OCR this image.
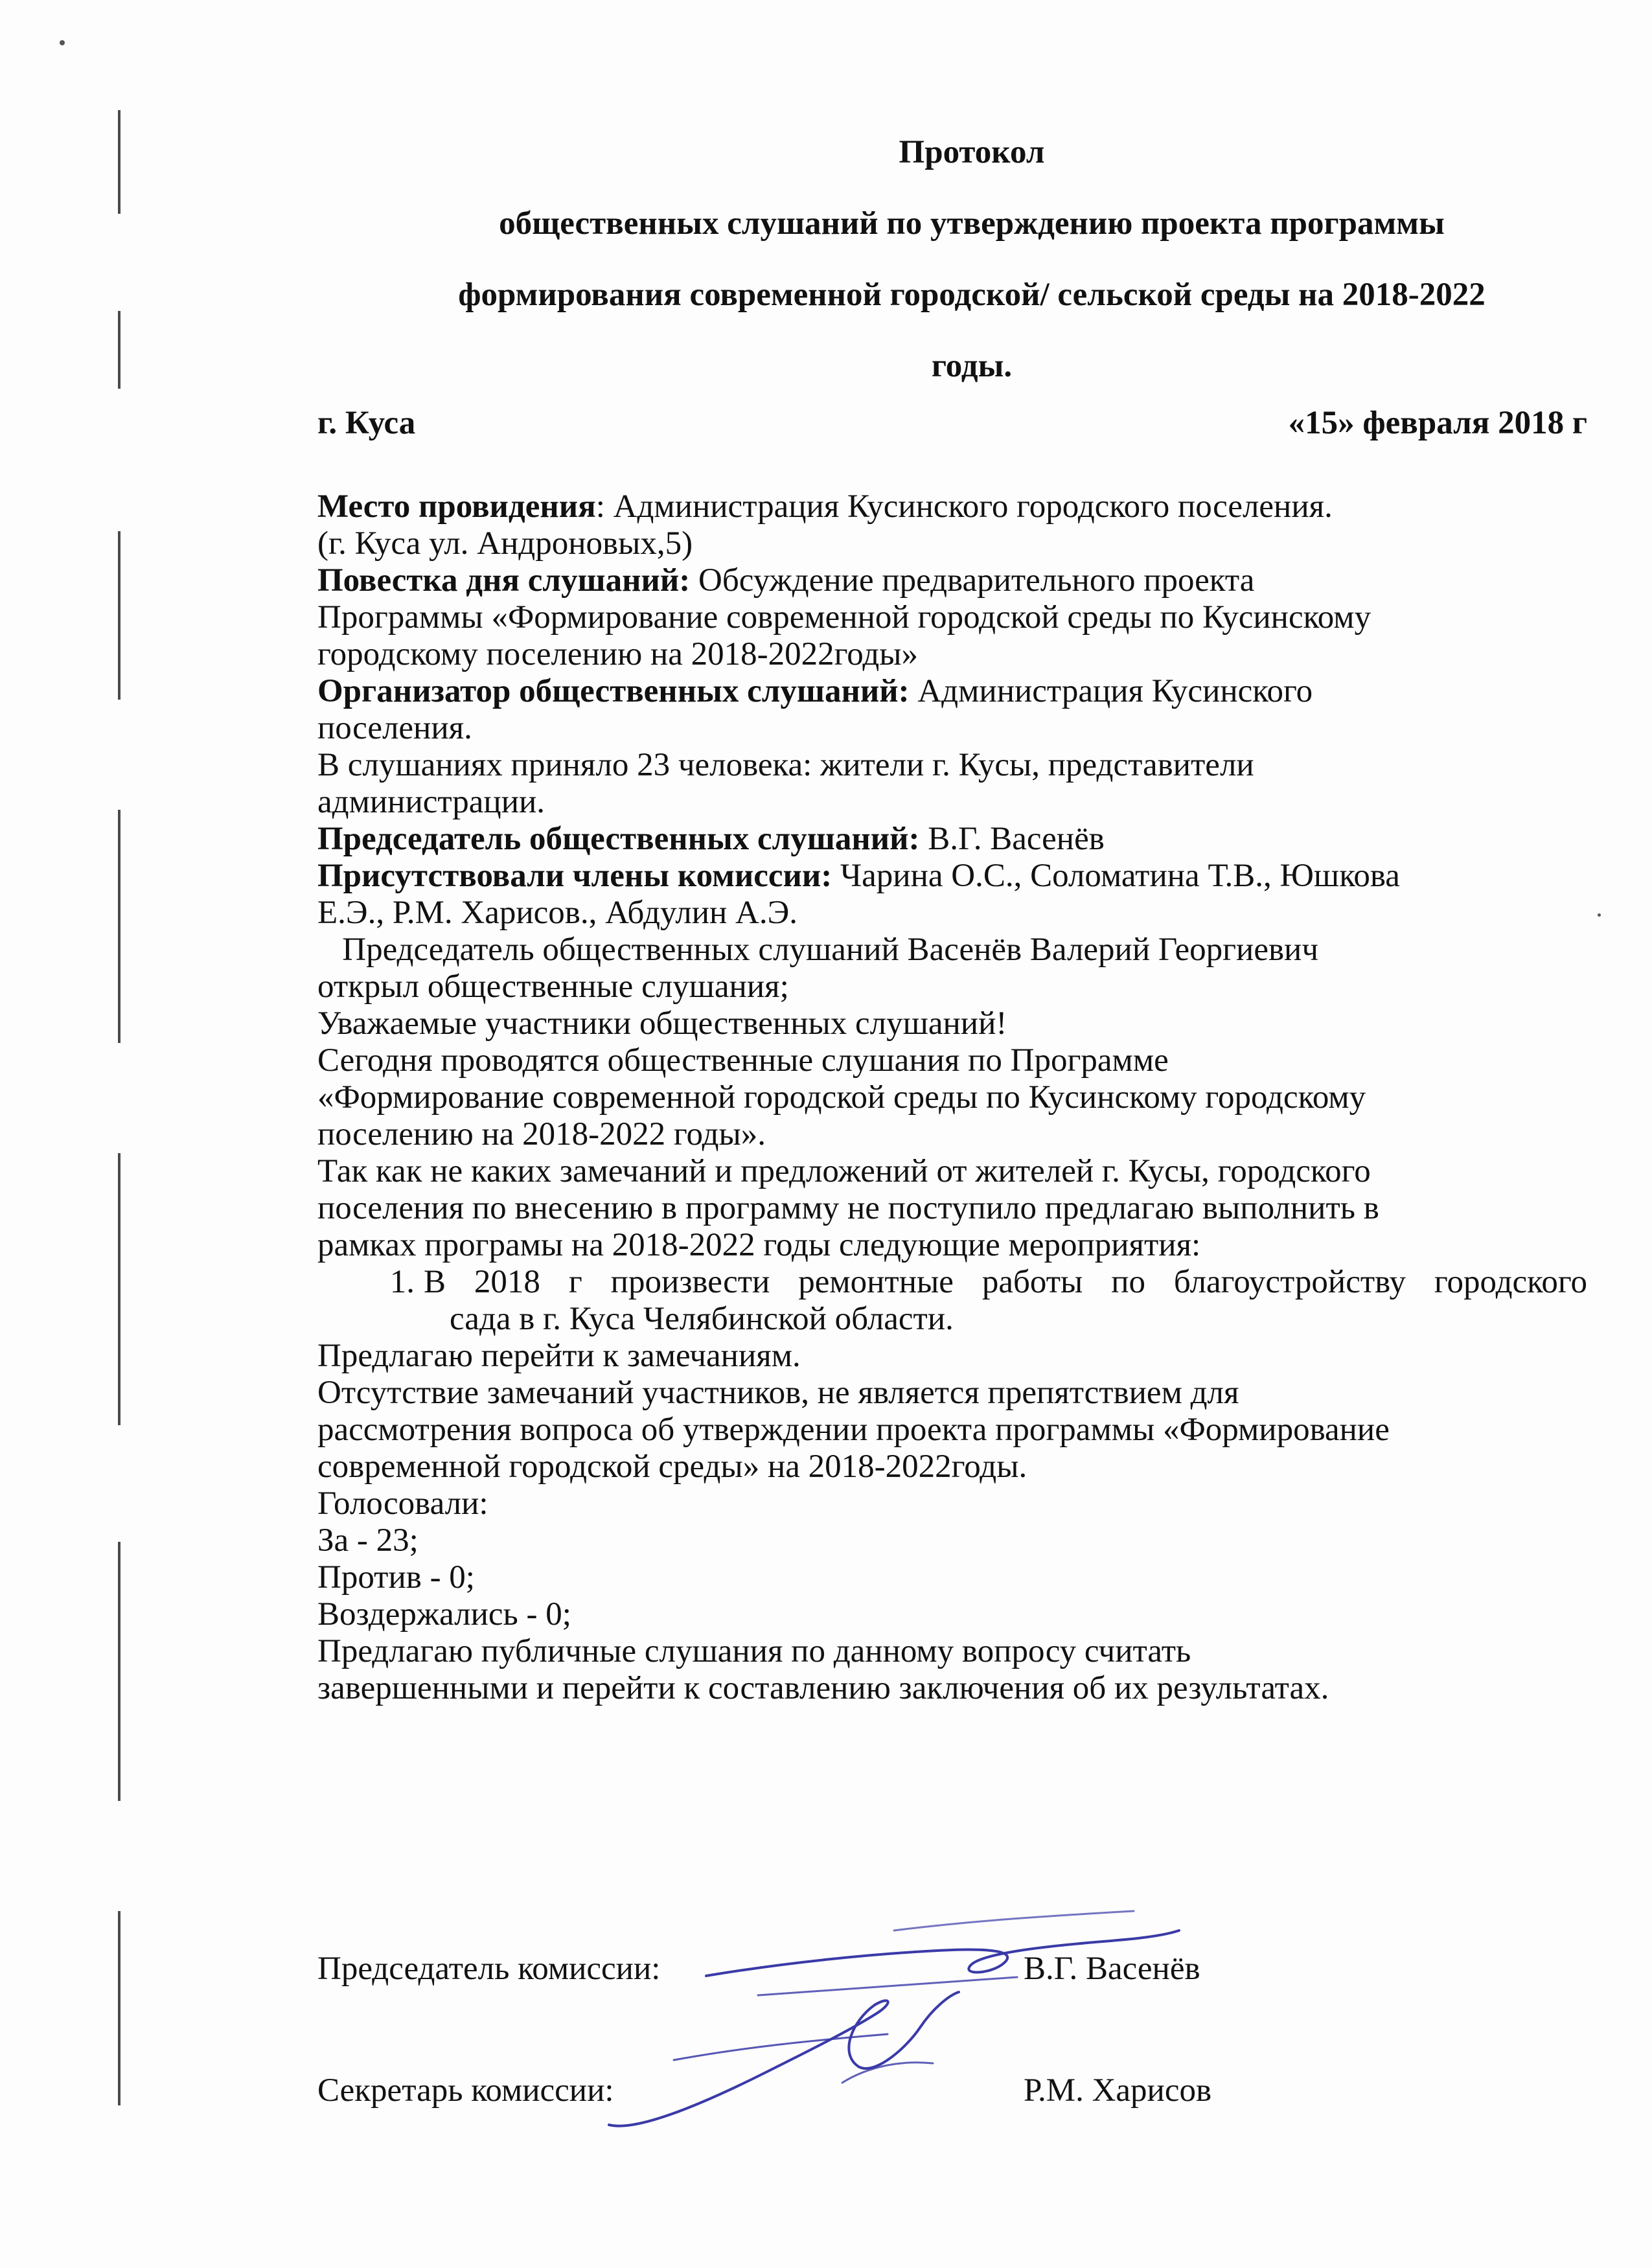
Протокол
общественных слушаний по утверждению проекта программы
формирования современной городской/ сельской среды на 2018-2022
годы.
г. Куса	«15» февраля 2018 г

Место провидения: Администрация Кусинского городского поселения.

(г. Куса ул. Андроновых,5)

Повестка дня слушаний: Обсуждение предварительного проекта

Программы «Формирование современной городской среды по Кусинскому

городскому поселению на 2018-2022годы»

Организатор общественных слушаний: Администрация Кусинского

поселения.

В слушаниях приняло 23 человека: жители г. Кусы, представители

администрации.

Председатель общественных слушаний: В.Г. Васенёв

Присутствовали члены комиссии: Чарина О.С., Соломатина Т.В., Юшкова

Е.Э., Р.М. Харисов., Абдулин А.Э.

Председатель общественных слушаний Васенёв Валерий Георгиевич

открыл общественные слушания;

Уважаемые участники общественных слушаний!

Сегодня проводятся общественные слушания по Программе

«Формирование современной городской среды по Кусинскому городскому

поселению на 2018-2022 годы».

Так как не каких замечаний и предложений от жителей г. Кусы, городского

поселения по внесению в программу не поступило предлагаю выполнить в

рамках програмы на 2018-2022 годы следующие мероприятия:

1. В 2018 г произвести ремонтные работы по благоустройству городского
сада в г. Куса Челябинской области.

Предлагаю перейти к замечаниям.

Отсутствие замечаний участников, не является препятствием для

рассмотрения вопроса об утверждении проекта программы «Формирование

современной городской среды» на 2018-2022годы.

Голосовали:

За - 23;

Против - 0;

Воздержались - 0;

Предлагаю публичные слушания по данному вопросу считать

завершенными и перейти к составлению заключения об их результатах.

Председатель комиссии:	В.Г. Васенёв
Секретарь комиссии:	Р.М. Харисов
